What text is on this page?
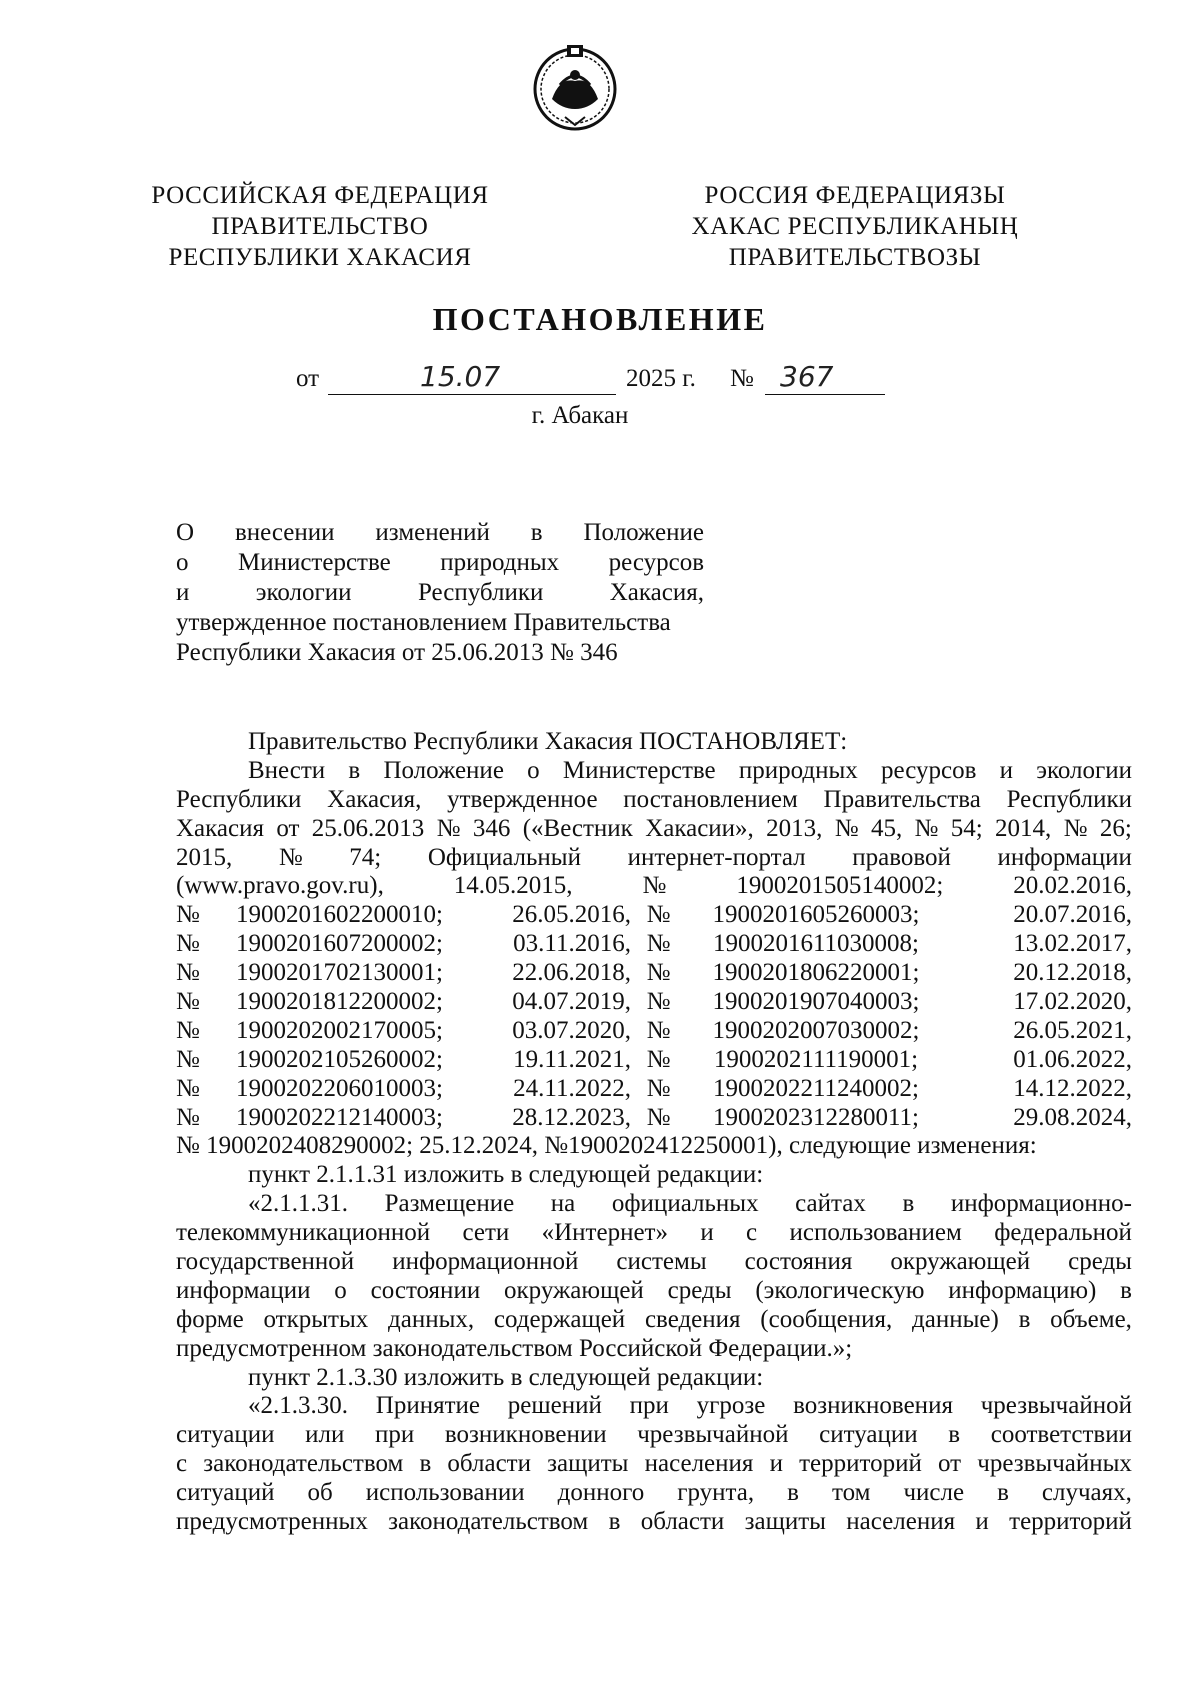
РОССИЙСКАЯ ФЕДЕРАЦИЯ
ПРАВИТЕЛЬСТВО
РЕСПУБЛИКИ ХАКАСИЯ
РОССИЯ ФЕДЕРАЦИЯЗЫ
ХАКАС РЕСПУБЛИКАНЫҢ
ПРАВИТЕЛЬСТВОЗЫ
ПОСТАНОВЛЕНИЕ
от	15.07	2025 г. № 367
г. Абакан
О внесении изменений в Положение
о Министерстве природных ресурсов
и	экологии	Республики	Хакасия,
утвержденное постановлением Правительства
Республики Хакасия от 25.06.2013 № 346
Правительство Республики Хакасия ПОСТАНОВЛЯЕТ:
Внести в Положение о Министерстве природных ресурсов и экологии
Республики Хакасия, утвержденное постановлением Правительства Республики
Хакасия от 25.06.2013 № 346 («Вестник Хакасии», 2013, № 45, № 54; 2014, № 26;
2015, № 74; Официальный интернет-портал правовой информации
(www.pravo.gov.ru),	14.05.2015,	№	1900201505140002;	20.02.2016,
№	1900201602200010;	26.05.2016, №	1900201605260003;	20.07.2016,
№	1900201607200002;	03.11.2016, №	1900201611030008;	13.02.2017,
№	1900201702130001;	22.06.2018, №	1900201806220001;	20.12.2018,
№	1900201812200002;	04.07.2019, №	1900201907040003;	17.02.2020,
№	1900202002170005;	03.07.2020, №	1900202007030002;	26.05.2021,
№	1900202105260002;	19.11.2021, №	1900202111190001;	01.06.2022,
№	1900202206010003;	24.11.2022, №	1900202211240002;	14.12.2022,
№	1900202212140003;	28.12.2023, №	1900202312280011;	29.08.2024,
№ 1900202408290002; 25.12.2024, №1900202412250001), следующие изменения:
пункт 2.1.1.31 изложить в следующей редакции:
«2.1.1.31. Размещение на официальных сайтах в информационно-
телекоммуникационной сети «Интернет» и с использованием федеральной
государственной информационной системы состояния окружающей среды
информации о состоянии окружающей среды (экологическую информацию) в
форме открытых данных, содержащей сведения (сообщения, данные) в объеме,
предусмотренном законодательством Российской Федерации.»;
пункт 2.1.3.30 изложить в следующей редакции:
«2.1.3.30. Принятие решений при угрозе возникновения чрезвычайной
ситуации или при возникновении чрезвычайной ситуации в соответствии
с законодательством в области защиты населения и территорий от чрезвычайных
ситуаций об использовании донного грунта, в том числе в случаях,
предусмотренных законодательством в области защиты населения и территорий
